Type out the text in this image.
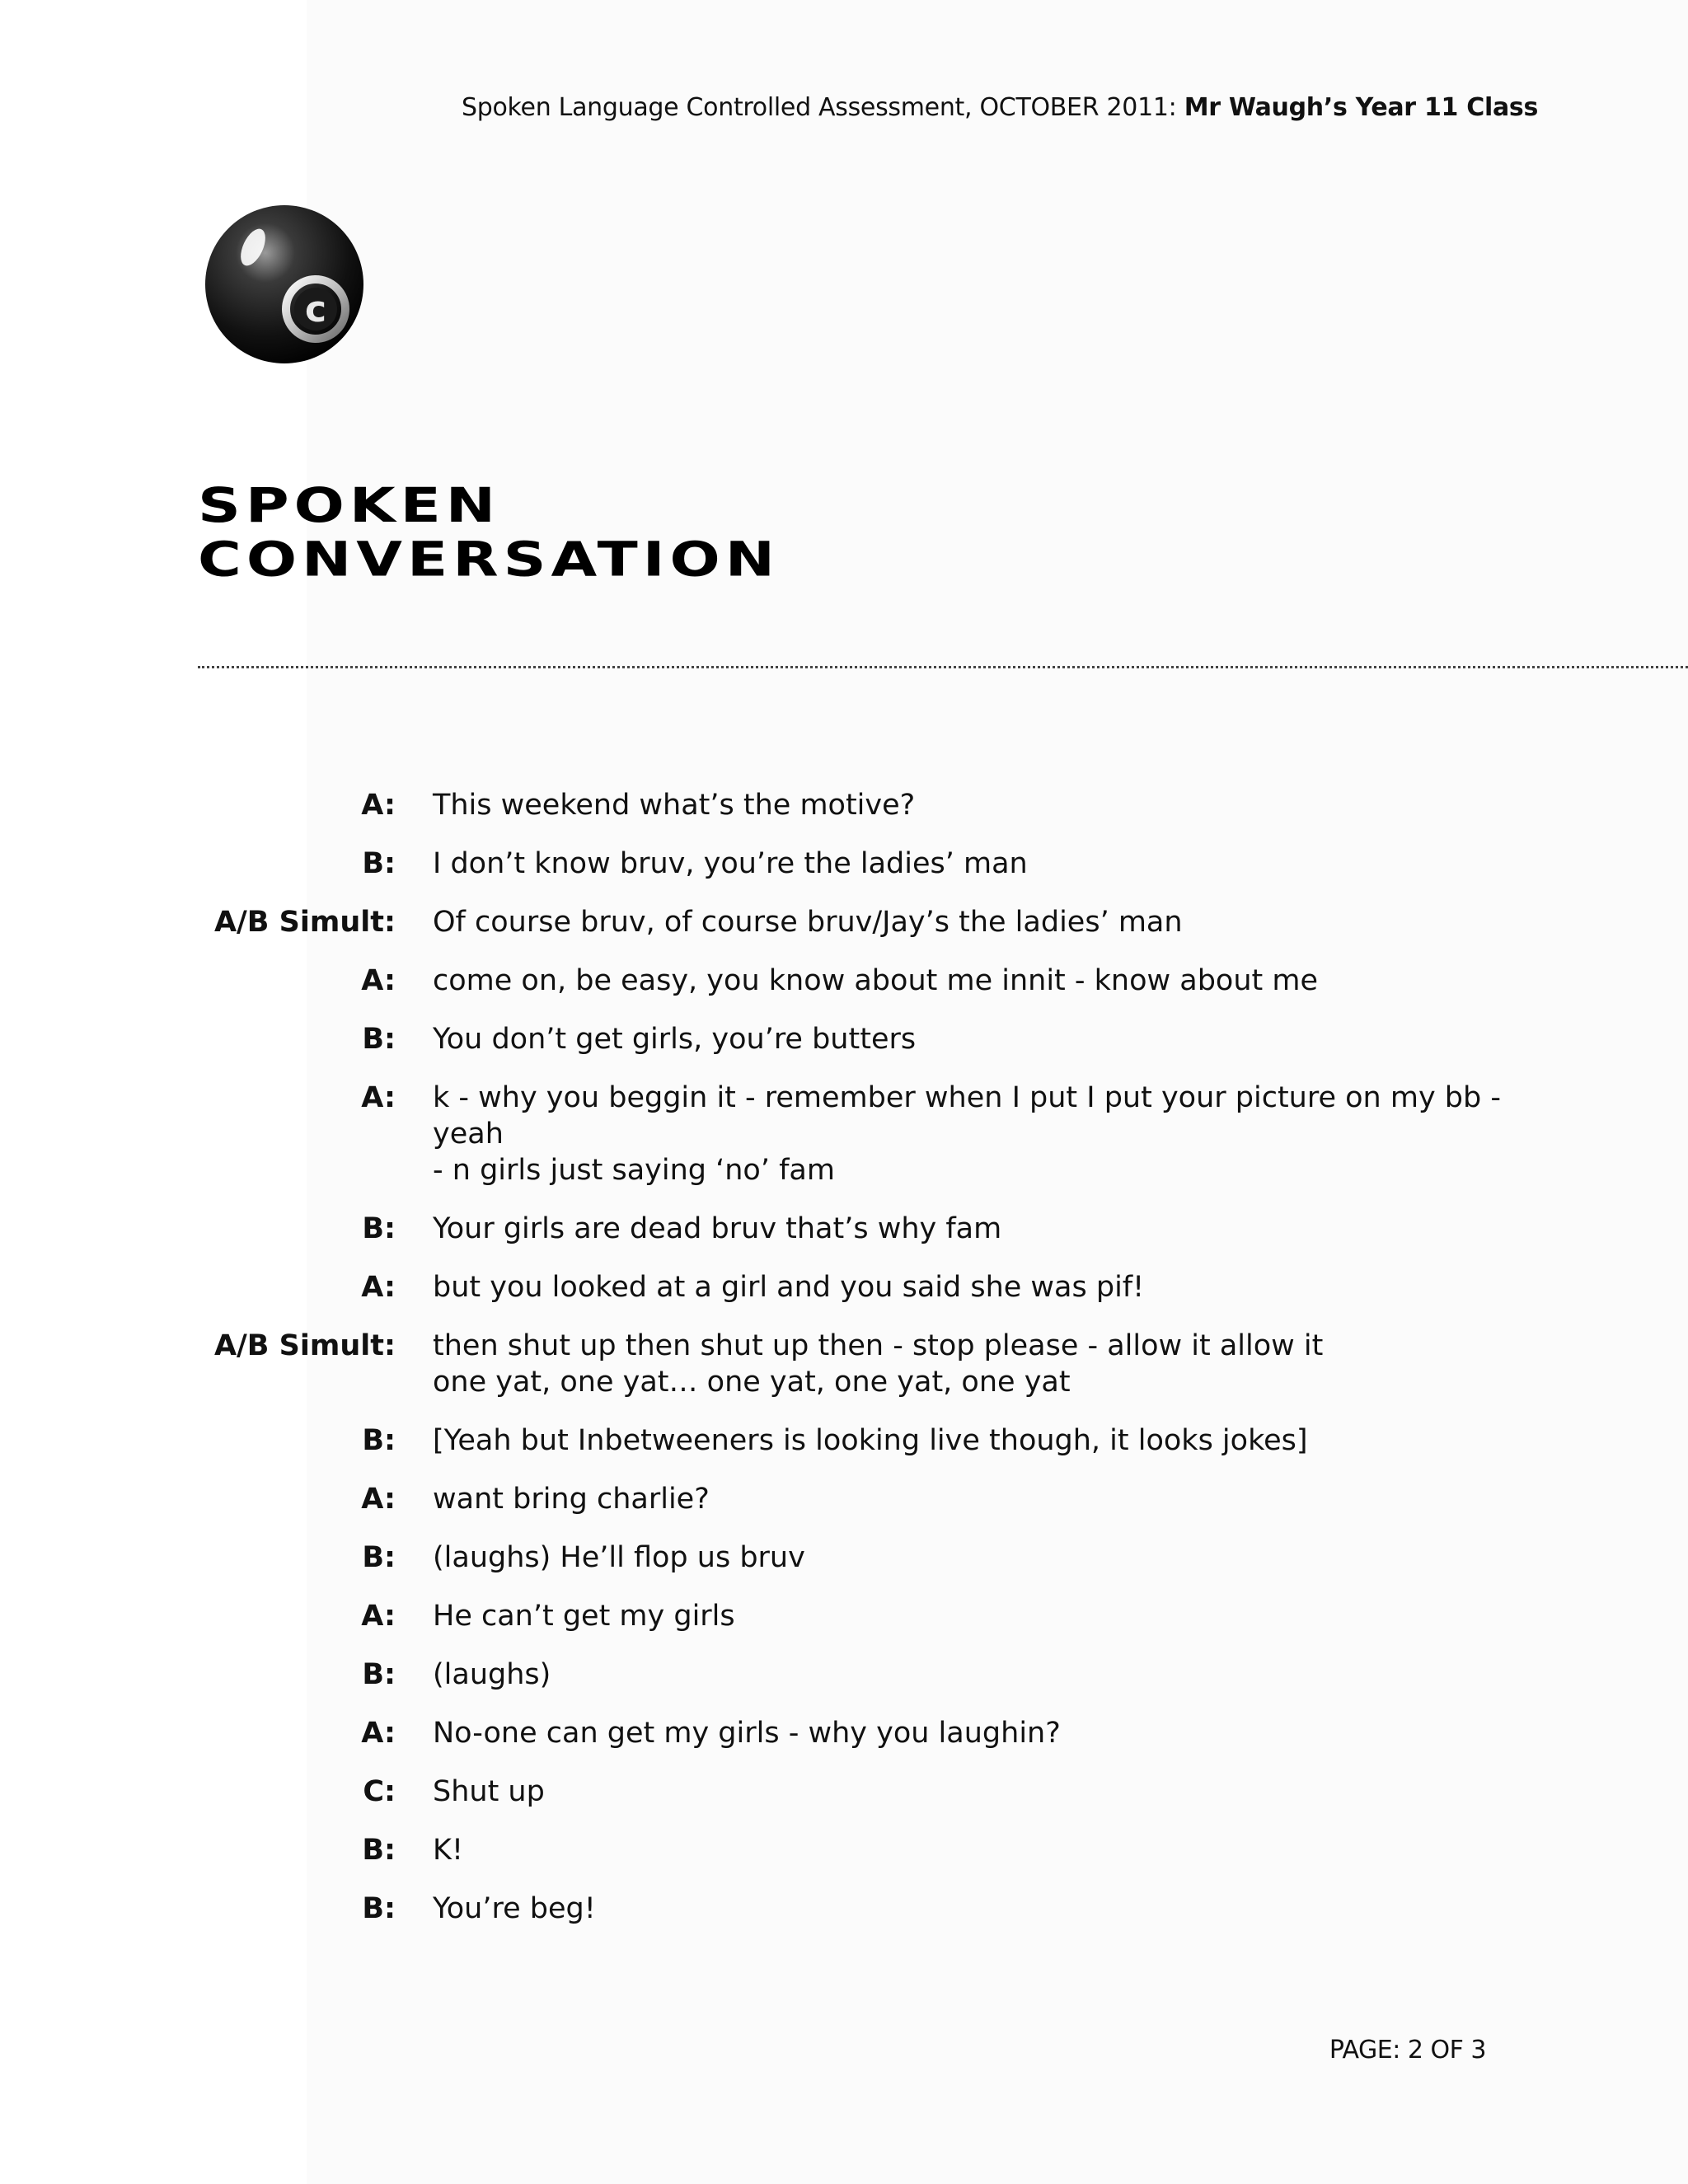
Spoken Language Controlled Assessment, OCTOBER 2011: Mr Waugh’s Year 11 Class
c
SPOKEN
CONVERSATION
A: This weekend what’s the motive?
B: I don’t know bruv, you’re the ladies’ man
A/B Simult: Of course bruv, of course bruv/Jay’s the ladies’ man
A: come on, be easy, you know about me innit - know about me
B: You don’t get girls, you’re butters
A: k - why you beggin it - remember when I put I put your picture on my bb - yeah
- n girls just saying ‘no’ fam
B: Your girls are dead bruv that’s why fam
A: but you looked at a girl and you said she was pif!
A/B Simult: then shut up then shut up then - stop please - allow it allow it
one yat, one yat… one yat, one yat, one yat
B: [Yeah but Inbetweeners is looking live though, it looks jokes]
A: want bring charlie?
B: (laughs) He’ll flop us bruv
A: He can’t get my girls
B: (laughs)
A: No-one can get my girls - why you laughin?
C: Shut up
B: K!
B: You’re beg!
PAGE: 2 OF 3
